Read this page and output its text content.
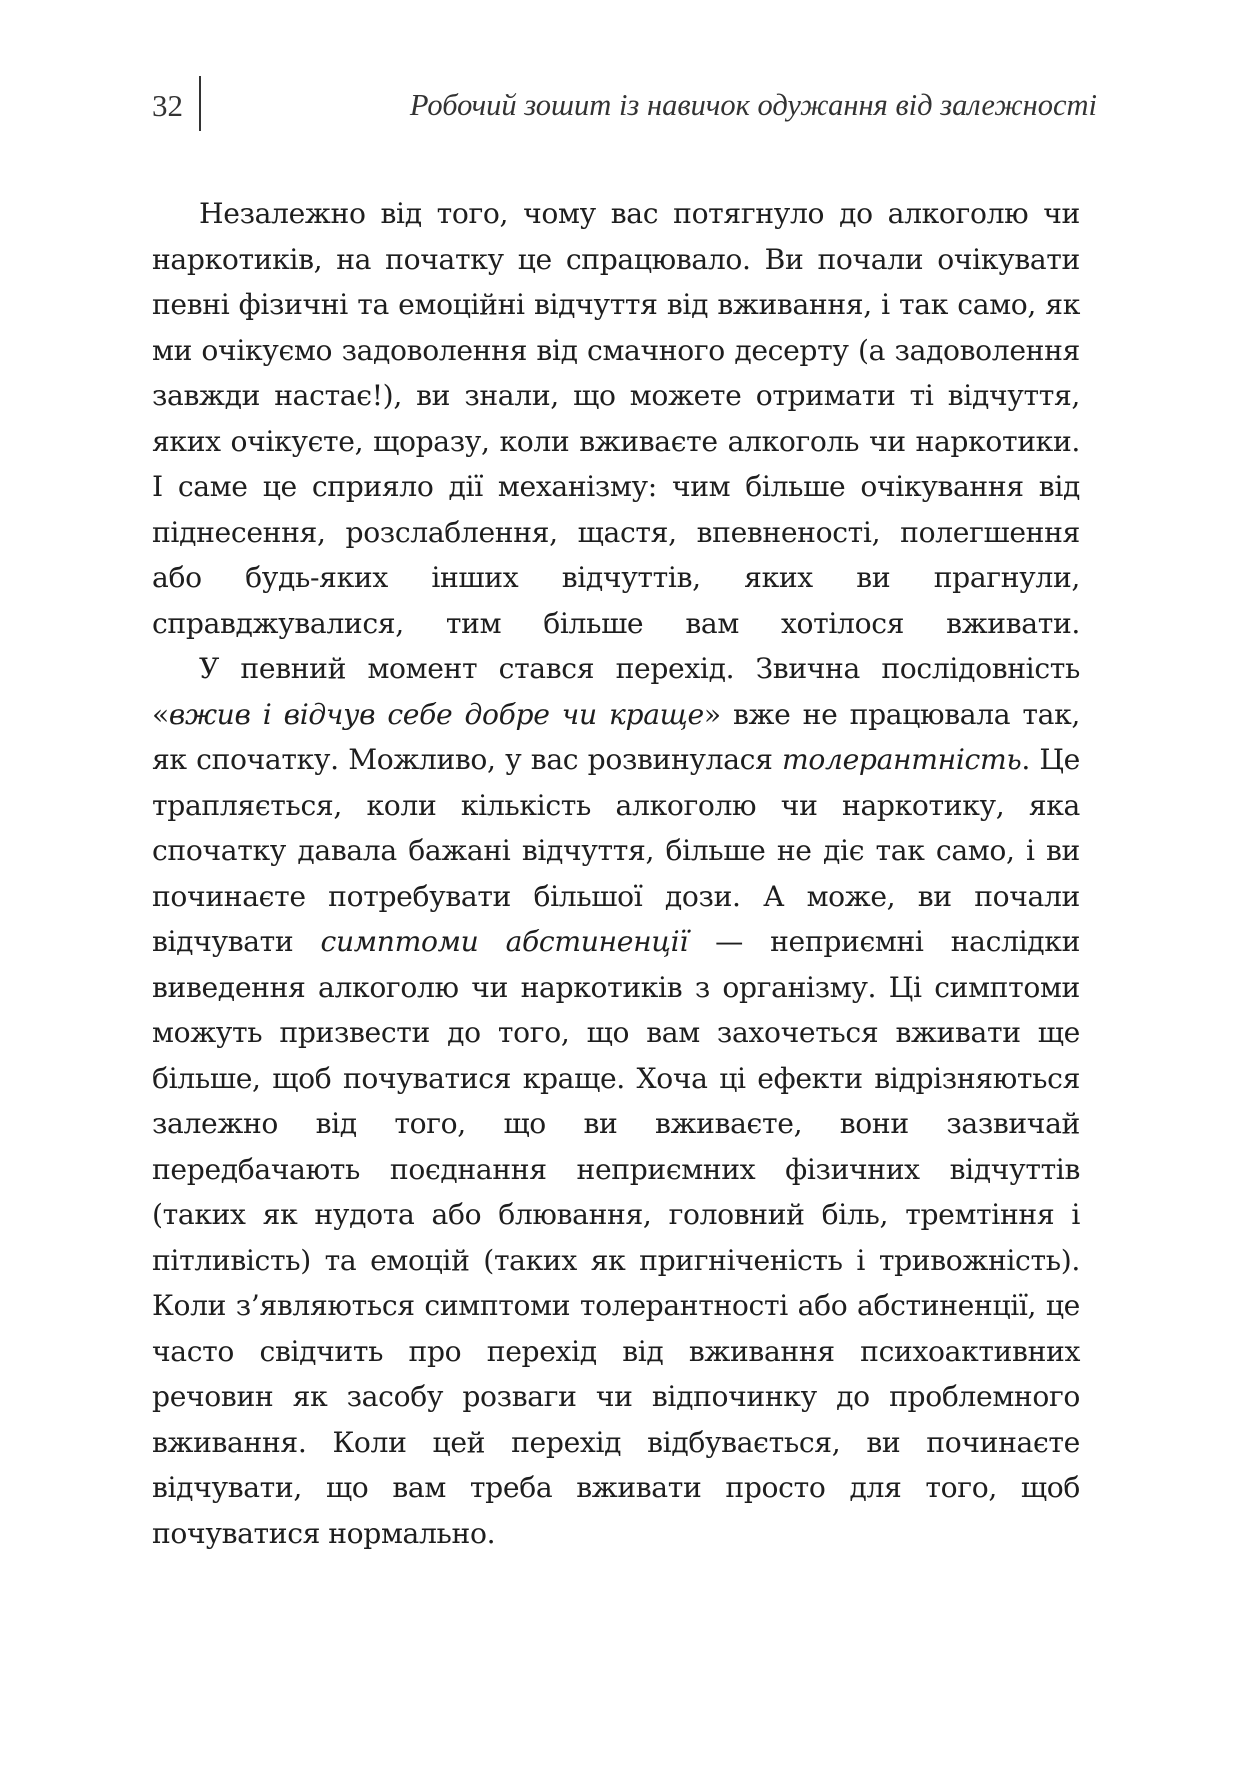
32	Робочий зошит із навичок одужання від залежності

Незалежно від того, чому вас потягнуло до алкоголю чи наркотиків, на початку це спрацювало. Ви почали очікувати певні фізичні та емоційні відчуття від вживання, і так само, як ми очікуємо задоволення від смачного десерту (а задоволення завжди настає!), ви знали, що можете отримати ті відчуття, яких очікуєте, щоразу, коли вживаєте алкоголь чи наркотики. І саме це сприяло дії механізму: чим більше очікування від піднесення, розслаблення, щастя, впевненості, полегшення або будь-яких інших відчуттів, яких ви прагнули, справджувалися, тим більше вам хотілося вживати.

У певний момент стався перехід. Звична послідовність «вжив і відчув себе добре чи краще» вже не працювала так, як спочатку. Можливо, у вас розвинулася толерантність. Це трапляється, коли кількість алкоголю чи наркотику, яка спочатку давала бажані відчуття, більше не діє так само, і ви починаєте потребувати більшої дози. А може, ви почали відчувати симптоми абстиненції — неприємні наслідки виведення алкоголю чи наркотиків з організму. Ці симптоми можуть призвести до того, що вам захочеться вживати ще більше, щоб почуватися краще. Хоча ці ефекти відрізняються залежно від того, що ви вживаєте, вони зазвичай передбачають поєднання неприємних фізичних відчуттів (таких як нудота або блювання, головний біль, тремтіння і пітливість) та емоцій (таких як пригніченість і тривожність). Коли з’являються симптоми толерантності або абстиненції, це часто свідчить про перехід від вживання психоактивних речовин як засобу розваги чи відпочинку до проблемного вживання. Коли цей перехід відбувається, ви починаєте відчувати, що вам треба вживати просто для того, щоб почуватися нормально.
